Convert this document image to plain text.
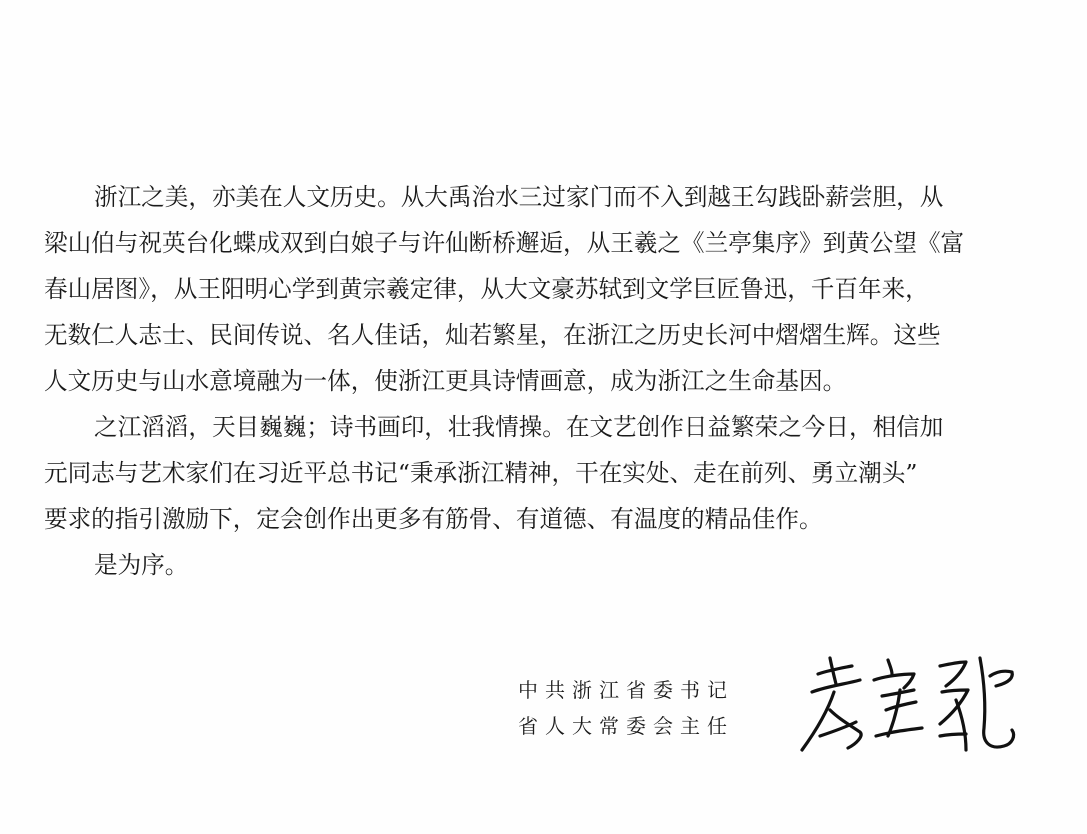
浙江之美，亦美在人文历史。从大禹治水三过家门而不入到越王勾践卧薪尝胆，从
梁山伯与祝英台化蝶成双到白娘子与许仙断桥邂逅，从王羲之《兰亭集序》到黄公望《富
春山居图》，从王阳明心学到黄宗羲定律，从大文豪苏轼到文学巨匠鲁迅，千百年来，
无数仁人志士、民间传说、名人佳话，灿若繁星，在浙江之历史长河中熠熠生辉。这些
人文历史与山水意境融为一体，使浙江更具诗情画意，成为浙江之生命基因。
之江滔滔，天目巍巍；诗书画印，壮我情操。在文艺创作日益繁荣之今日，相信加
元同志与艺术家们在习近平总书记“秉承浙江精神，干在实处、走在前列、勇立潮头”
要求的指引激励下，定会创作出更多有筋骨、有道德、有温度的精品佳作。
是为序。
中共浙江省委书记
省人大常委会主任
